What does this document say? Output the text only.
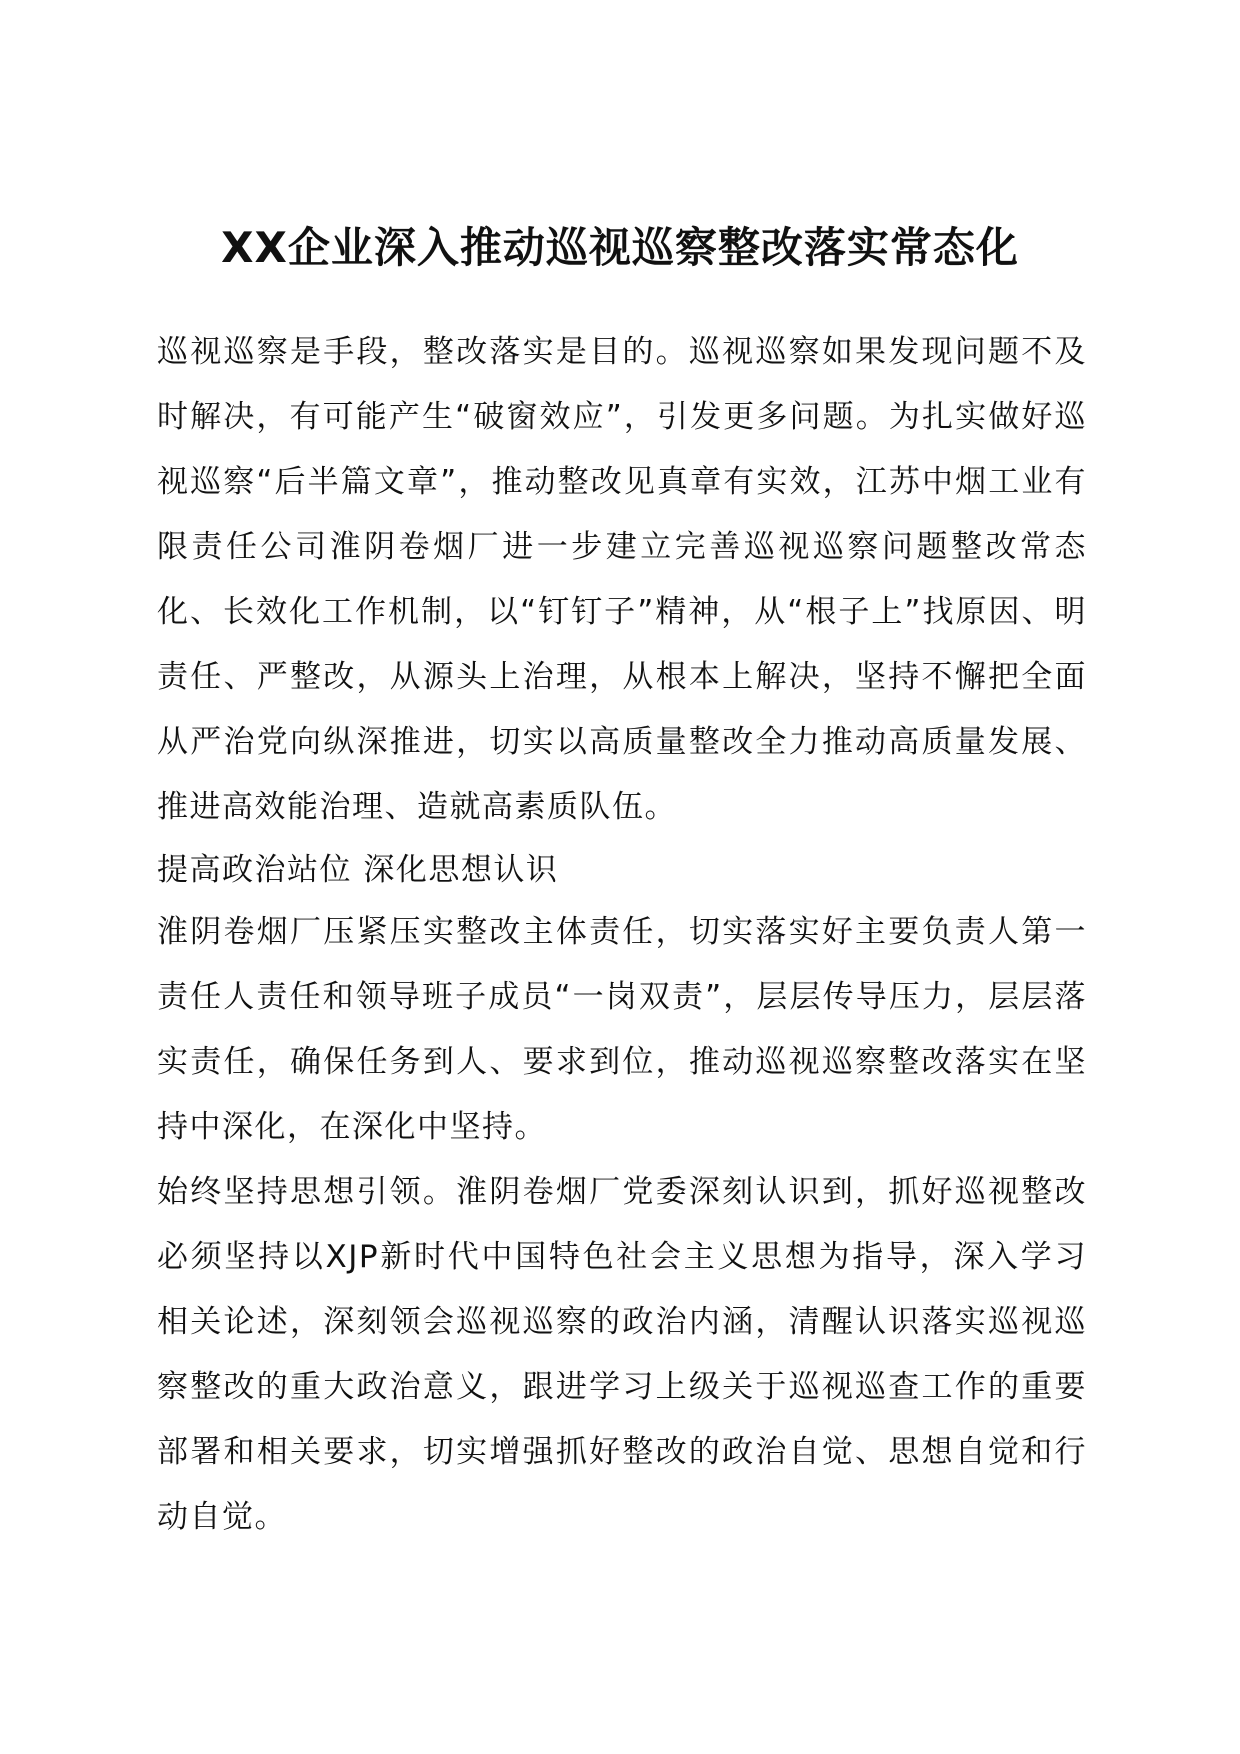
XX企业深入推动巡视巡察整改落实常态化

巡视巡察是手段，整改落实是目的。巡视巡察如果发现问题不及时解决，有可能产生“破窗效应”，引发更多问题。为扎实做好巡视巡察“后半篇文章”，推动整改见真章有实效，江苏中烟工业有限责任公司淮阴卷烟厂进一步建立完善巡视巡察问题整改常态化、长效化工作机制，以“钉钉子”精神，从“根子上”找原因、明责任、严整改，从源头上治理，从根本上解决，坚持不懈把全面从严治党向纵深推进，切实以高质量整改全力推动高质量发展、推进高效能治理、造就高素质队伍。

提高政治站位 深化思想认识

淮阴卷烟厂压紧压实整改主体责任，切实落实好主要负责人第一责任人责任和领导班子成员“一岗双责”，层层传导压力，层层落实责任，确保任务到人、要求到位，推动巡视巡察整改落实在坚持中深化，在深化中坚持。

始终坚持思想引领。淮阴卷烟厂党委深刻认识到，抓好巡视整改必须坚持以XJP新时代中国特色社会主义思想为指导，深入学习相关论述，深刻领会巡视巡察的政治内涵，清醒认识落实巡视巡察整改的重大政治意义，跟进学习上级关于巡视巡查工作的重要部署和相关要求，切实增强抓好整改的政治自觉、思想自觉和行动自觉。
